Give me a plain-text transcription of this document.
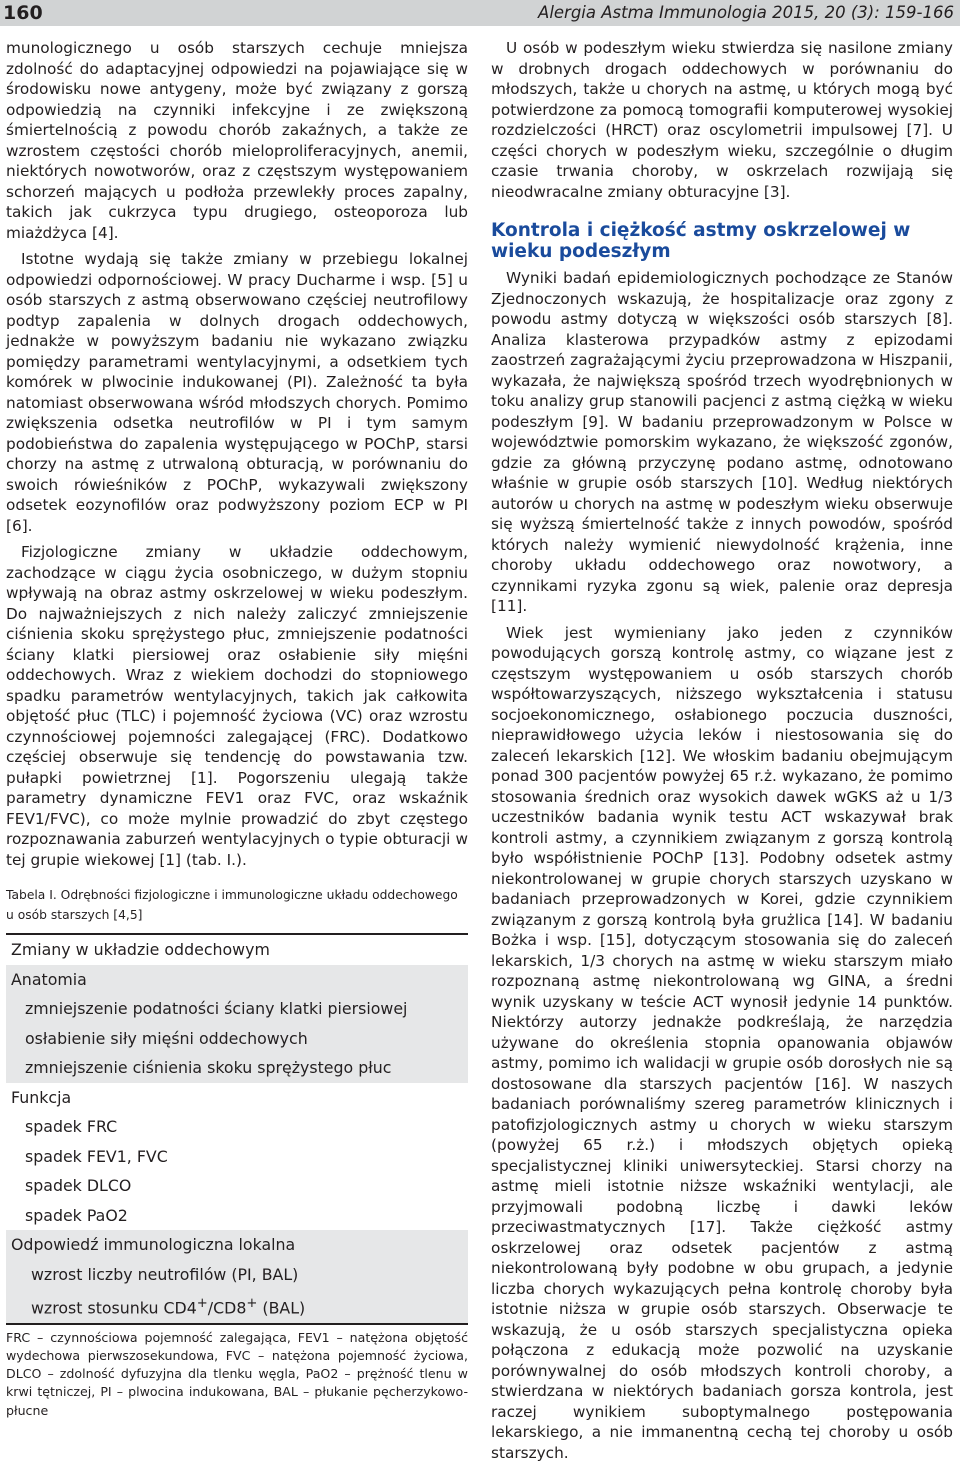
160	Alergia Astma Immunologia 2015, 20 (3): 159-166

munologicznego u osób starszych cechuje mniejsza zdolność do adaptacyjnej odpowiedzi na pojawiające się w środowisku nowe antygeny, może być związany z gorszą odpowiedzią na czynniki infekcyjne i ze zwiększoną śmiertelnością z powodu chorób zakaźnych, a także ze wzrostem częstości chorób mieloproliferacyjnych, anemii, niektórych nowotworów, oraz z częstszym występowaniem schorzeń mających u podłoża przewlekły proces zapalny, takich jak cukrzyca typu drugiego, osteoporoza lub miażdżyca [4].

Istotne wydają się także zmiany w przebiegu lokalnej odpowiedzi odpornościowej. W pracy Ducharme i wsp. [5] u osób starszych z astmą obserwowano częściej neutrofilowy podtyp zapalenia w dolnych drogach oddechowych, jednakże w powyższym badaniu nie wykazano związku pomiędzy parametrami wentylacyjnymi, a odsetkiem tych komórek w plwocinie indukowanej (PI). Zależność ta była natomiast obserwowana wśród młodszych chorych. Pomimo zwiększenia odsetka neutrofilów w PI i tym samym podobieństwa do zapalenia występującego w POChP, starsi chorzy na astmę z utrwaloną obturacją, w porównaniu do swoich rówieśników z POChP, wykazywali zwiększony odsetek eozynofilów oraz podwyższony poziom ECP w PI [6].

Fizjologiczne zmiany w układzie oddechowym, zachodzące w ciągu życia osobniczego, w dużym stopniu wpływają na obraz astmy oskrzelowej w wieku podeszłym. Do najważniejszych z nich należy zaliczyć zmniejszenie ciśnienia skoku sprężystego płuc, zmniejszenie podatności ściany klatki piersiowej oraz osłabienie siły mięśni oddechowych. Wraz z wiekiem dochodzi do stopniowego spadku parametrów wentylacyjnych, takich jak całkowita objętość płuc (TLC) i pojemność życiowa (VC) oraz wzrostu czynnościowej pojemności zalegającej (FRC). Dodatkowo częściej obserwuje się tendencję do powstawania tzw. pułapki powietrznej [1]. Pogorszeniu ulegają także parametry dynamiczne FEV1 oraz FVC, oraz wskaźnik FEV1/FVC), co może mylnie prowadzić do zbyt częstego rozpoznawania zaburzeń wentylacyjnych o typie obturacji w tej grupie wiekowej [1] (tab. I.).

Tabela I. Odrębności fizjologiczne i immunologiczne układu oddechowego u osób starszych [4,5]
Zmiany w układzie oddechowym
Anatomia
zmniejszenie podatności ściany klatki piersiowej
osłabienie siły mięśni oddechowych
zmniejszenie ciśnienia skoku sprężystego płuc
Funkcja
spadek FRC
spadek FEV1, FVC
spadek DLCO
spadek PaO2
Odpowiedź immunologiczna lokalna
wzrost liczby neutrofilów (PI, BAL)
wzrost stosunku CD4+/CD8+ (BAL)
FRC – czynnościowa pojemność zalegająca, FEV1 – natężona objętość wydechowa pierwszosekundowa, FVC – natężona pojemność życiowa, DLCO – zdolność dyfuzyjna dla tlenku węgla, PaO2 – prężność tlenu w krwi tętniczej, PI – plwocina indukowana, BAL – płukanie pęcherzykowo-płucne

U osób w podeszłym wieku stwierdza się nasilone zmiany w drobnych drogach oddechowych w porównaniu do młodszych, także u chorych na astmę, u których mogą być potwierdzone za pomocą tomografii komputerowej wysokiej rozdzielczości (HRCT) oraz oscylometrii impulsowej [7]. U części chorych w podeszłym wieku, szczególnie o długim czasie trwania choroby, w oskrzelach rozwijają się nieodwracalne zmiany obturacyjne [3].

Kontrola i ciężkość astmy oskrzelowej w wieku podeszłym

Wyniki badań epidemiologicznych pochodzące ze Stanów Zjednoczonych wskazują, że hospitalizacje oraz zgony z powodu astmy dotyczą w większości osób starszych [8]. Analiza klasterowa przypadków astmy z epizodami zaostrzeń zagrażającymi życiu przeprowadzona w Hiszpanii, wykazała, że największą spośród trzech wyodrębnionych w toku analizy grup stanowili pacjenci z astmą ciężką w wieku podeszłym [9]. W badaniu przeprowadzonym w Polsce w województwie pomorskim wykazano, że większość zgonów, gdzie za główną przyczynę podano astmę, odnotowano właśnie w grupie osób starszych [10]. Według niektórych autorów u chorych na astmę w podeszłym wieku obserwuje się wyższą śmiertelność także z innych powodów, spośród których należy wymienić niewydolność krążenia, inne choroby układu oddechowego oraz nowotwory, a czynnikami ryzyka zgonu są wiek, palenie oraz depresja [11].

Wiek jest wymieniany jako jeden z czynników powodujących gorszą kontrolę astmy, co wiązane jest z częstszym występowaniem u osób starszych chorób współtowarzyszących, niższego wykształcenia i statusu socjoekonomicznego, osłabionego poczucia duszności, nieprawidłowego użycia leków i niestosowania się do zaleceń lekarskich [12]. We włoskim badaniu obejmującym ponad 300 pacjentów powyżej 65 r.ż. wykazano, że pomimo stosowania średnich oraz wysokich dawek wGKS aż u 1/3 uczestników badania wynik testu ACT wskazywał brak kontroli astmy, a czynnikiem związanym z gorszą kontrolą było współistnienie POChP [13]. Podobny odsetek astmy niekontrolowanej w grupie chorych starszych uzyskano w badaniach przeprowadzonych w Korei, gdzie czynnikiem związanym z gorszą kontrolą była grużlica [14]. W badaniu Bożka i wsp. [15], dotyczącym stosowania się do zaleceń lekarskich, 1/3 chorych na astmę w wieku starszym miało rozpoznaną astmę niekontrolowaną wg GINA, a średni wynik uzyskany w teście ACT wynosił jedynie 14 punktów. Niektórzy autorzy jednakże podkreślają, że narzędzia używane do określenia stopnia opanowania objawów astmy, pomimo ich walidacji w grupie osób dorosłych nie są dostosowane dla starszych pacjentów [16]. W naszych badaniach porównaliśmy szereg parametrów klinicznych i patofizjologicznych astmy u chorych w wieku starszym (powyżej 65 r.ż.) i młodszych objętych opieką specjalistycznej kliniki uniwersyteckiej. Starsi chorzy na astmę mieli istotnie niższe wskaźniki wentylacji, ale przyjmowali podobną liczbę i dawki leków przeciwastmatycznych [17]. Także ciężkość astmy oskrzelowej oraz odsetek pacjentów z astmą niekontrolowaną były podobne w obu grupach, a jedynie liczba chorych wykazujących pełna kontrolę choroby była istotnie niższa w grupie osób starszych. Obserwacje te wskazują, że u osób starszych specjalistyczna opieka połączona z edukacją może pozwolić na uzyskanie porównywalnej do osób młodszych kontroli choroby, a stwierdzana w niektórych badaniach gorsza kontrola, jest raczej wynikiem suboptymalnego postępowania lekarskiego, a nie immanentną cechą tej choroby u osób starszych.
